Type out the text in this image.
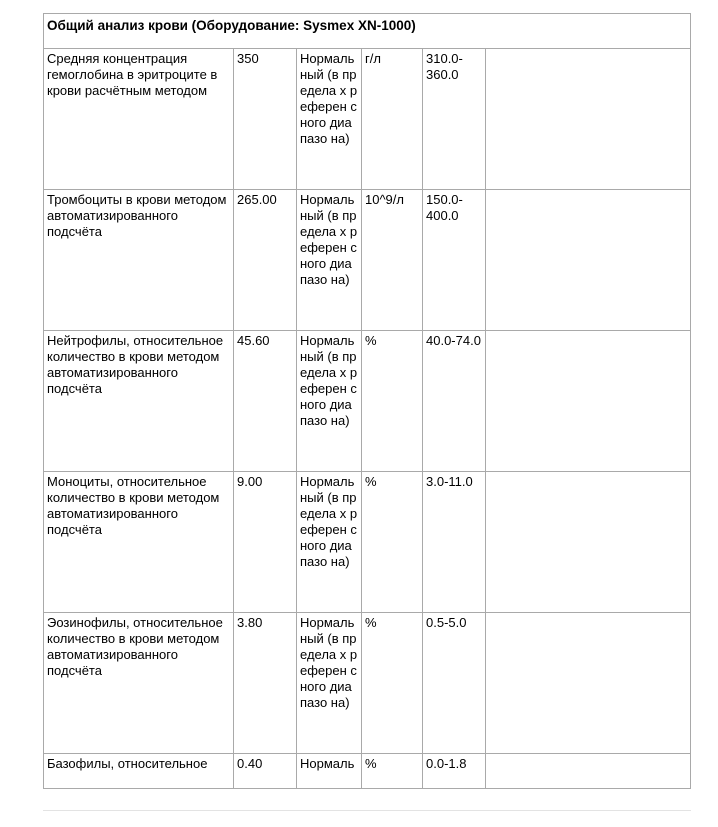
Общий анализ крови (Оборудование: Sysmex XN-1000)					
Средняя концентрация гемоглобина в эритроците в крови расчётным методом	350	Нормаль ный (в предела х референ сного диапазо на)	г/л	310.0-360.0	
Тромбоциты в крови методом автоматизированного подсчёта	265.00	Нормаль ный (в предела х референ сного диапазо на)	10^9/л	150.0-400.0	
Нейтрофилы, относительное количество в крови методом автоматизированного подсчёта	45.60	Нормаль ный (в предела х референ сного диапазо на)	%	40.0-74.0	
Моноциты, относительное количество в крови методом автоматизированного подсчёта	9.00	Нормаль ный (в предела х референ сного диапазо на)	%	3.0-11.0	
Эозинофилы, относительное количество в крови методом автоматизированного подсчёта	3.80	Нормаль ный (в предела х референ сного диапазо на)	%	0.5-5.0	
Базофилы, относительное	0.40	Нормаль	%	0.0-1.8	
